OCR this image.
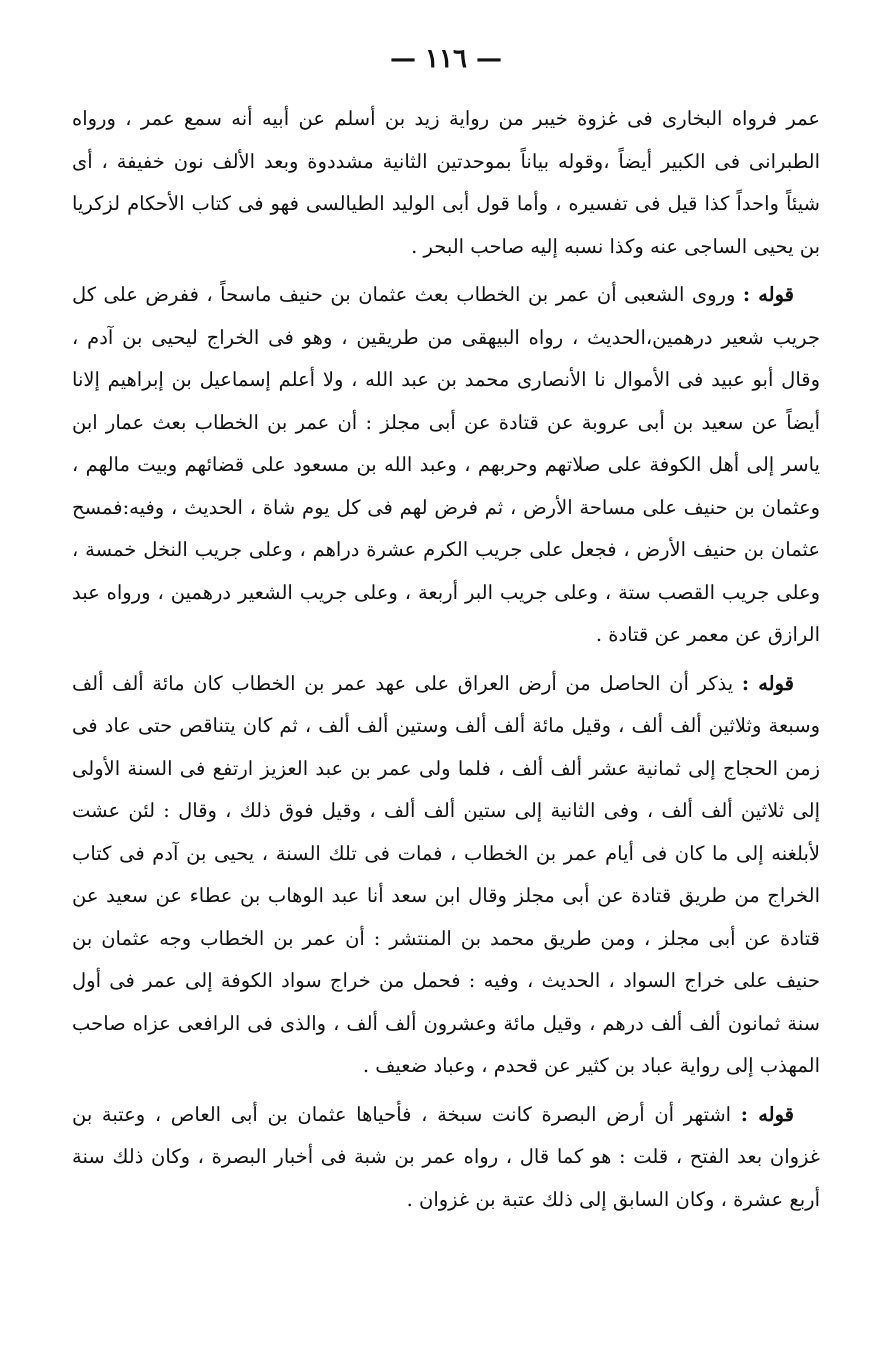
— ١١٦ —

عمر فرواه البخارى فى غزوة خيبر من رواية زيد بن أسلم عن أبيه أنه سمع عمر ، ورواه الطبرانى فى الكبير أيضاً ،وقوله بياناً بموحدتين الثانية مشددوة وبعد الألف نون خفيفة ، أى شيئاً واحداً كذا قيل فى تفسيره ، وأما قول أبى الوليد الطيالسى فهو فى كتاب الأحكام لزكريا بن يحيى الساجى عنه وكذا نسبه إليه صاحب البحر .

قوله : وروى الشعبى أن عمر بن الخطاب بعث عثمان بن حنيف ماسحاً ، ففرض على كل جريب شعير درهمين،الحديث ، رواه البيهقى من طريقين ، وهو فى الخراج ليحيى بن آدم ، وقال أبو عبيد فى الأموال نا الأنصارى محمد بن عبد الله ، ولا أعلم إسماعيل بن إبراهيم إلانا أيضاً عن سعيد بن أبى عروبة عن قتادة عن أبى مجلز : أن عمر بن الخطاب بعث عمار ابن ياسر إلى أهل الكوفة على صلاتهم وحربهم ، وعبد الله بن مسعود على قضائهم وبيت مالهم ، وعثمان بن حنيف على مساحة الأرض ، ثم فرض لهم فى كل يوم شاة ، الحديث ، وفيه:فمسح عثمان بن حنيف الأرض ، فجعل على جريب الكرم عشرة دراهم ، وعلى جريب النخل خمسة ، وعلى جريب القصب ستة ، وعلى جريب البر أربعة ، وعلى جريب الشعير درهمين ، ورواه عبد الرازق عن معمر عن قتادة .

قوله : يذكر أن الحاصل من أرض العراق على عهد عمر بن الخطاب كان مائة ألف ألف وسبعة وثلاثين ألف ألف ، وقيل مائة ألف ألف وستين ألف ألف ، ثم كان يتناقص حتى عاد فى زمن الحجاج إلى ثمانية عشر ألف ألف ، فلما ولى عمر بن عبد العزيز ارتفع فى السنة الأولى إلى ثلاثين ألف ألف ، وفى الثانية إلى ستين ألف ألف ، وقيل فوق ذلك ، وقال : لئن عشت لأبلغنه إلى ما كان فى أيام عمر بن الخطاب ، فمات فى تلك السنة ، يحيى بن آدم فى كتاب الخراج من طريق قتادة عن أبى مجلز وقال ابن سعد أنا عبد الوهاب بن عطاء عن سعيد عن قتادة عن أبى مجلز ، ومن طريق محمد بن المنتشر : أن عمر بن الخطاب وجه عثمان بن حنيف على خراج السواد ، الحديث ، وفيه : فحمل من خراج سواد الكوفة إلى عمر فى أول سنة ثمانون ألف ألف درهم ، وقيل مائة وعشرون ألف ألف ، والذى فى الرافعى عزاه صاحب المهذب إلى رواية عباد بن كثير عن قحدم ، وعباد ضعيف .

قوله : اشتهر أن أرض البصرة كانت سبخة ، فأحياها عثمان بن أبى العاص ، وعتبة بن غزوان بعد الفتح ، قلت : هو كما قال ، رواه عمر بن شبة فى أخبار البصرة ، وكان ذلك سنة أربع عشرة ، وكان السابق إلى ذلك عتبة بن غزوان .
